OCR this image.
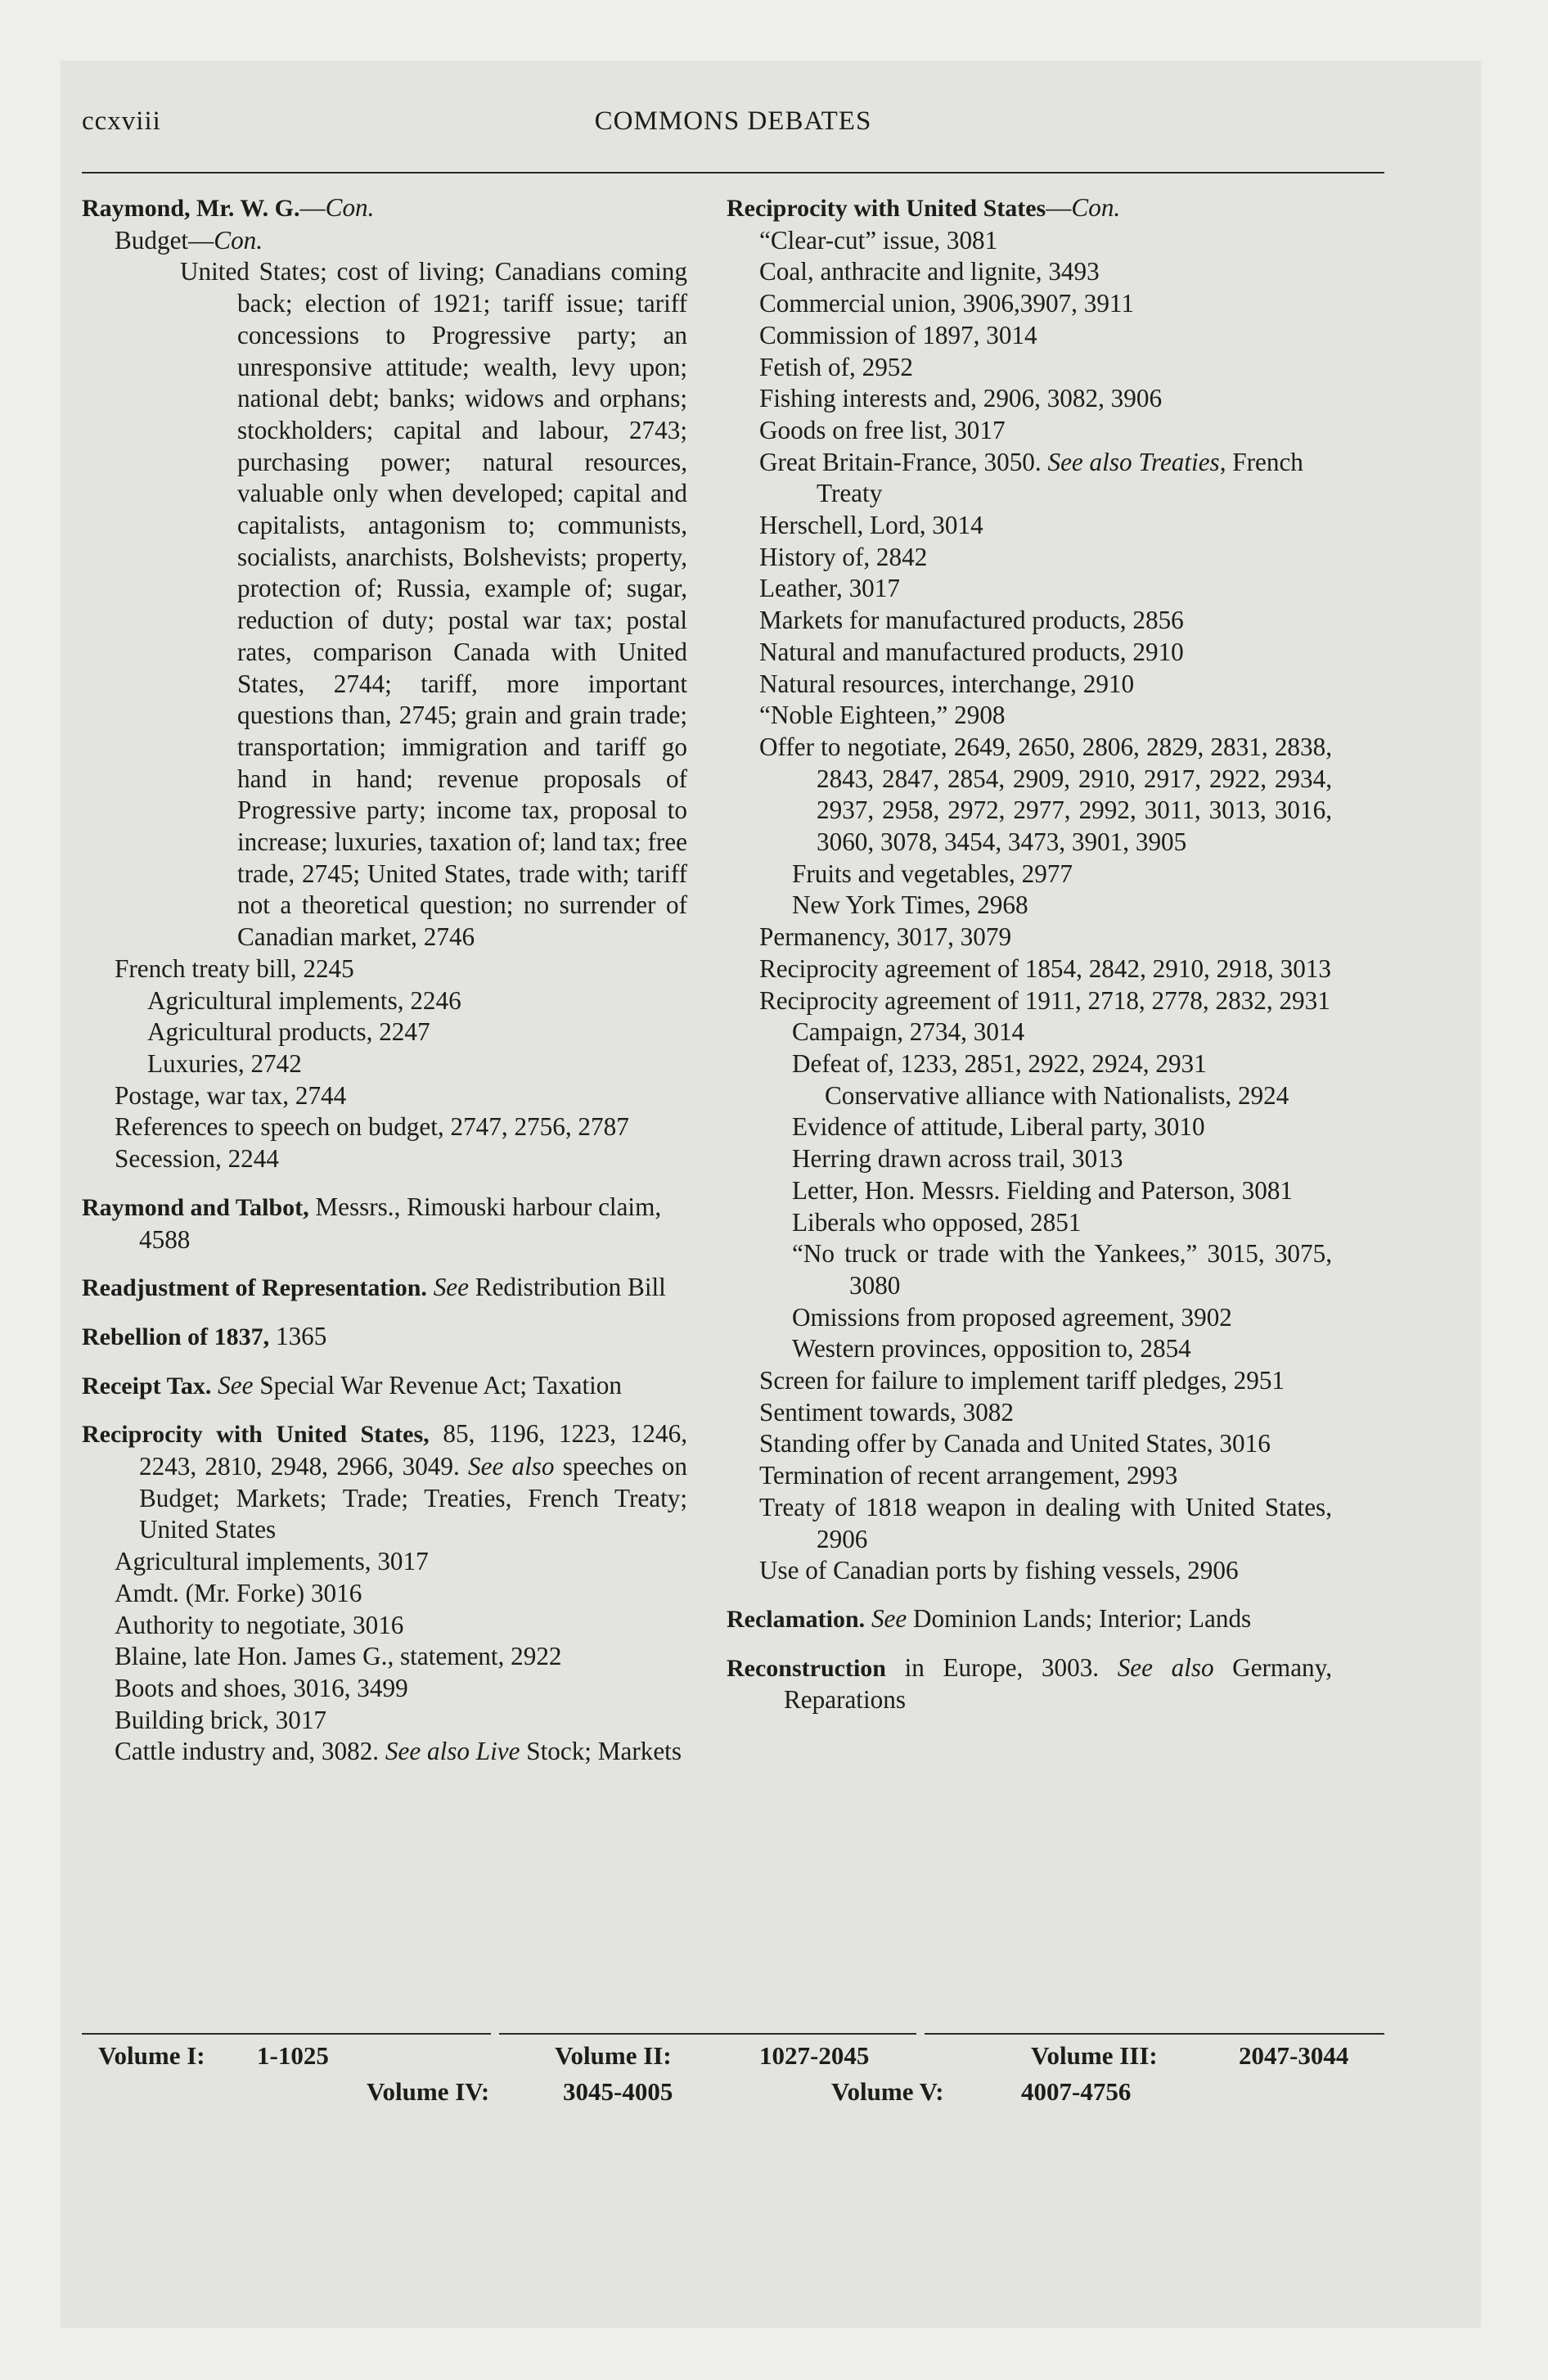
ccxviii	COMMONS DEBATES

Raymond, Mr. W. G.—Con.

Budget—Con.

United States; cost of living; Canadians coming back; election of 1921; tariff issue; tariff concessions to Progressive party; an unresponsive attitude; wealth, levy upon; national debt; banks; widows and orphans; stockholders; capital and labour, 2743; purchasing power; natural resources, valuable only when developed; capital and capitalists, antagonism to; communists, socialists, anarchists, Bolshevists; property, protection of; Russia, example of; sugar, reduction of duty; postal war tax; postal rates, comparison Canada with United States, 2744; tariff, more important questions than, 2745; grain and grain trade; transportation; immigration and tariff go hand in hand; revenue proposals of Progressive party; income tax, proposal to increase; luxuries, taxation of; land tax; free trade, 2745; United States, trade with; tariff not a theoretical question; no surrender of Canadian market, 2746

French treaty bill, 2245

Agricultural implements, 2246

Agricultural products, 2247

Luxuries, 2742

Postage, war tax, 2744

References to speech on budget, 2747, 2756, 2787

Secession, 2244

Raymond and Talbot, Messrs., Rimouski harbour claim, 4588

Readjustment of Representation. See Redistribution Bill

Rebellion of 1837, 1365

Receipt Tax. See Special War Revenue Act; Taxation

Reciprocity with United States, 85, 1196, 1223, 1246, 2243, 2810, 2948, 2966, 3049. See also speeches on Budget; Markets; Trade; Treaties, French Treaty; United States

Agricultural implements, 3017

Amdt. (Mr. Forke) 3016

Authority to negotiate, 3016

Blaine, late Hon. James G., statement, 2922

Boots and shoes, 3016, 3499

Building brick, 3017

Cattle industry and, 3082. See also Live Stock; Markets

Reciprocity with United States—Con.

“Clear-cut” issue, 3081

Coal, anthracite and lignite, 3493

Commercial union, 3906,3907, 3911

Commission of 1897, 3014

Fetish of, 2952

Fishing interests and, 2906, 3082, 3906

Goods on free list, 3017

Great Britain-France, 3050. See also Treaties, French Treaty

Herschell, Lord, 3014

History of, 2842

Leather, 3017

Markets for manufactured products, 2856

Natural and manufactured products, 2910

Natural resources, interchange, 2910

“Noble Eighteen,” 2908

Offer to negotiate, 2649, 2650, 2806, 2829, 2831, 2838, 2843, 2847, 2854, 2909, 2910, 2917, 2922, 2934, 2937, 2958, 2972, 2977, 2992, 3011, 3013, 3016, 3060, 3078, 3454, 3473, 3901, 3905

Fruits and vegetables, 2977

New York Times, 2968

Permanency, 3017, 3079

Reciprocity agreement of 1854, 2842, 2910, 2918, 3013

Reciprocity agreement of 1911, 2718, 2778, 2832, 2931

Campaign, 2734, 3014

Defeat of, 1233, 2851, 2922, 2924, 2931

Conservative alliance with Nationalists, 2924

Evidence of attitude, Liberal party, 3010

Herring drawn across trail, 3013

Letter, Hon. Messrs. Fielding and Paterson, 3081

Liberals who opposed, 2851

“No truck or trade with the Yankees,” 3015, 3075, 3080

Omissions from proposed agreement, 3902

Western provinces, opposition to, 2854

Screen for failure to implement tariff pledges, 2951

Sentiment towards, 3082

Standing offer by Canada and United States, 3016

Termination of recent arrangement, 2993

Treaty of 1818 weapon in dealing with United States, 2906

Use of Canadian ports by fishing vessels, 2906

Reclamation. See Dominion Lands; Interior; Lands

Reconstruction in Europe, 3003. See also Germany, Reparations

Volume I: 1-1025	Volume II:	1027-2045	Volume III:	2047-3044
Volume IV:	3045-4005	Volume V:	4007-4756
